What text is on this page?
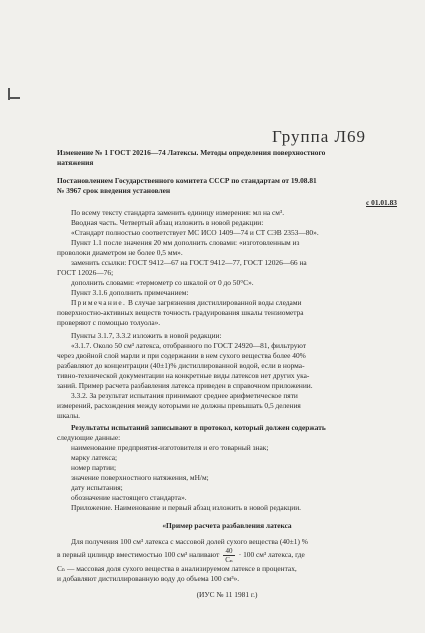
Группа Л69
Изменение № 1 ГОСТ 20216—74 Латексы. Методы определения поверхностного
натяжения
Постановлением Государственного комитета СССР по стандартам от 19.08.81
№ 3967 срок введения установлен
с 01.01.83
По всему тексту стандарта заменить единицу измерения: мл на см³.
Вводная часть. Четвертый абзац изложить в новой редакции:
«Стандарт полностью соответствует МС ИСО 1409—74 и СТ СЭВ 2353—80».
Пункт 1.1 после значения 20 мм дополнить словами: «изготовленным из
проволоки диаметром не более 0,5 мм».
заменить ссылки: ГОСТ 9412—67 на ГОСТ 9412—77, ГОСТ 12026—66 на
ГОСТ 12026—76;
дополнить словами: «термометр со шкалой от 0 до 50°С».
Пункт 3.1.6 дополнить примечанием:
Примечание. В случае загрязнения дистиллированной воды следами
поверхностно-активных веществ точность градуирования шкалы тензиометра
проверяют с помощью толуола».
Пункты 3.1.7, 3.3.2 изложить в новой редакции:
«3.1.7. Около 50 см³ латекса, отобранного по ГОСТ 24920—81, фильтруют
через двойной слой марли и при содержании в нем сухого вещества более 40%
разбавляют до концентрации (40±1)% дистиллированной водой, если в норма-
тивно-технической документации на конкретные виды латексов нет других ука-
заний. Пример расчета разбавления латекса приведен в справочном приложении.
3.3.2. За результат испытания принимают среднее арифметическое пяти
измерений, расхождения между которыми не должны превышать 0,5 деления
шкалы.
Результаты испытаний записывают в протокол, который должен содержать
следующие данные:
наименование предприятия-изготовителя и его товарный знак;
марку латекса;
номер партии;
значение поверхностного натяжения, мН/м;
дату испытания;
обозначение настоящего стандарта».
Приложение. Наименование и первый абзац изложить в новой редакции.
«Пример расчета разбавления латекса
Для получения 100 см³ латекса с массовой долей сухого вещества (40±1) %
в первый цилиндр вместимостью 100 см³ наливают $\frac{40}{\text{Cₙ}} \cdot 100$ см³ латекса, где
Cₙ — массовая доля сухого вещества в анализируемом латексе в процентах,
и добавляют дистиллированную воду до объема 100 см³».
(ИУС № 11 1981 г.)
